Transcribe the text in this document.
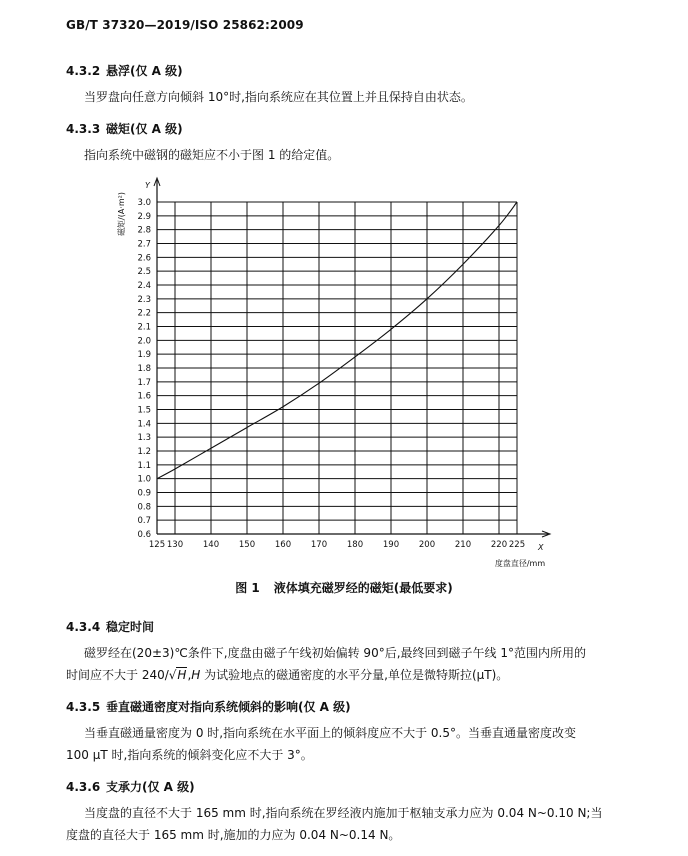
GB/T 37320—2019/ISO 25862:2009
4.3.2 悬浮(仅 A 级)
当罗盘向任意方向倾斜 10°时,指向系统应在其位置上并且保持自由状态。
4.3.3 磁矩(仅 A 级)
指向系统中磁钢的磁矩应不小于图 1 的给定值。
0.6
0.7
0.8
0.9
1.0
1.1
1.2
1.3
1.4
1.5
1.6
1.7
1.8
1.9
2.0
2.1
2.2
2.3
2.4
2.5
2.6
2.7
2.8
2.9
3.0
125 130 140 150 160 170 180 190 200 210 220 225
磁矩/(A·m²)
Y
X
度盘直径/mm
图 1 液体填充磁罗经的磁矩(最低要求)
4.3.4 稳定时间
磁罗经在(20±3)℃条件下,度盘由磁子午线初始偏转 90°后,最终回到磁子午线 1°范围内所用的
时间应不大于 240/√H,H 为试验地点的磁通密度的水平分量,单位是微特斯拉(μT)。
4.3.5 垂直磁通密度对指向系统倾斜的影响(仅 A 级)
当垂直磁通量密度为 0 时,指向系统在水平面上的倾斜度应不大于 0.5°。当垂直通量密度改变
100 μT 时,指向系统的倾斜变化应不大于 3°。
4.3.6 支承力(仅 A 级)
当度盘的直径不大于 165 mm 时,指向系统在罗经液内施加于枢轴支承力应为 0.04 N~0.10 N;当
度盘的直径大于 165 mm 时,施加的力应为 0.04 N~0.14 N。
